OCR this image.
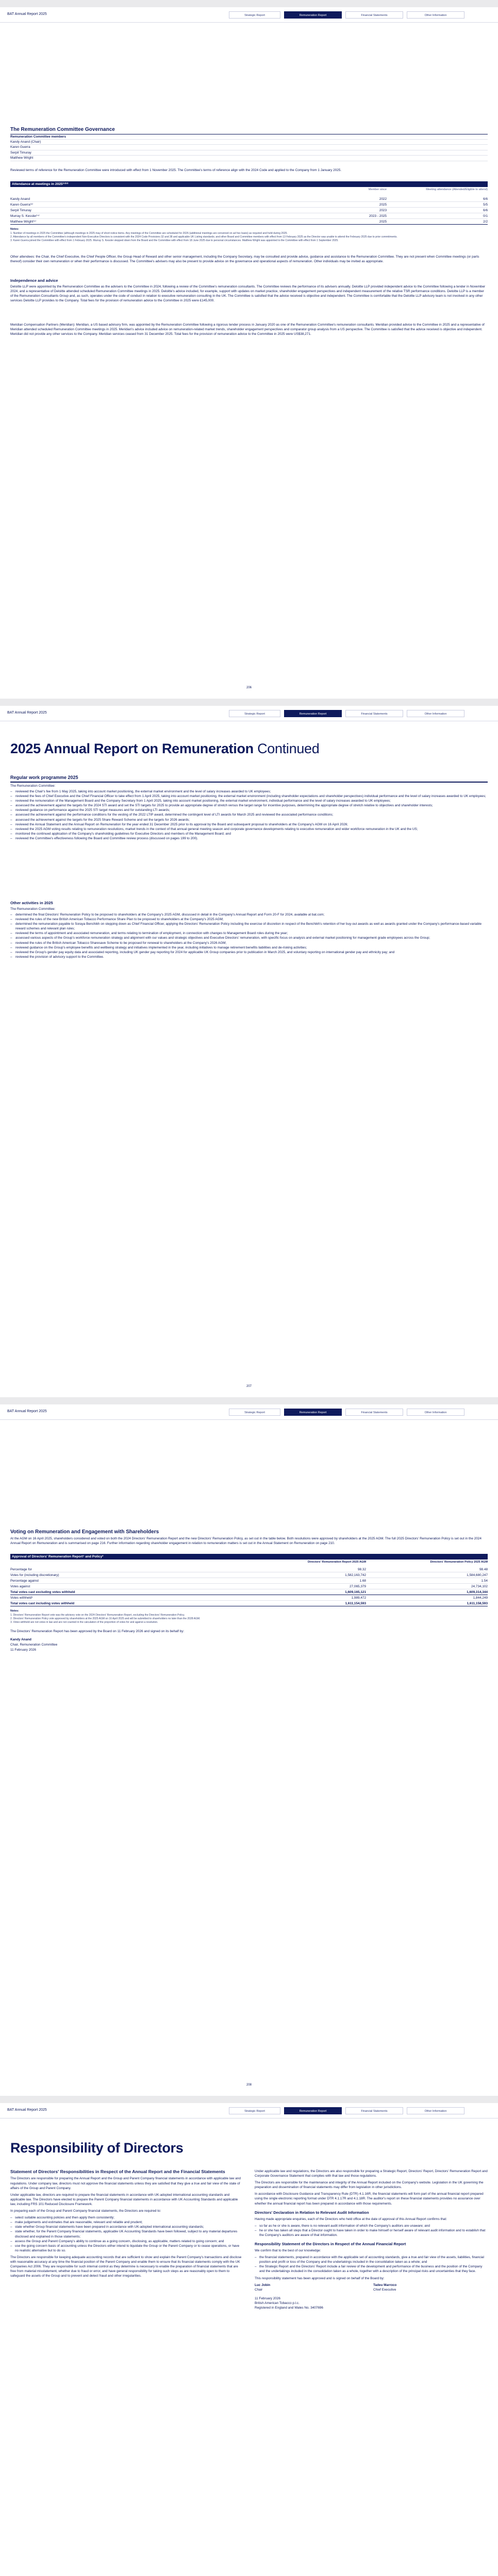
BAT Annual Report 2025	Strategic Report	Remuneration Report	Financial Statements	Other Information
The Remuneration Committee Governance
Remuneration Committee members
Kandy Anand (Chair)
Karen Guerra
Serpil Timuray
Matthew Wright
Reviewed terms of reference for the Remuneration Committee were introduced with effect from 1 November 2025. The Committee's terms of reference align with the 2024 Code and applied to the Company from 1 January 2025.
Attendance at meetings in 2025⁽¹⁾⁽²⁾
Member since	Meeting attendance (Attended/Eligible to attend)
Kandy Anand	2022	6/6
Karen Guerra⁽³⁾	2025	5/5
Serpil Timuray	2023	6/6
Murray S. Kessler⁽⁴⁾	2023 - 2025	0/1
Matthew Wright⁽⁵⁾	2025	2/2
Notes:
1. Number of meetings in 2025 the Committee (although meetings in 2025 may of short notice items. Any meetings of the Committee are scheduled for 2026 (additional meetings are convened on ad hoc basis) as required and held during 2025.
2. Attendance by all members of the Committee's independent Non-Executive Directors is consistent with the 2024 Code Provisions 32 and 38 and applicable UK Listing standards; and other Board and Committee members with effect from 13 February 2025 as the Director was unable to attend the February 2025 due to prior commitments.
3. Karen Guerra joined the Committee with effect from 1 February 2025. Murray S. Kessler stepped down from the Board and the Committee with effect from 18 June 2025 due to personal circumstances. Matthew Wright was appointed to the Committee with effect from 1 September 2025.
Other attendees: the Chair, the Chief Executive, the Chief People Officer, the Group Head of Reward and other senior management, including the Company Secretary, may be consulted and provide advice, guidance and assistance to the Remuneration Committee. They are not present when Committee meetings (or parts thereof) consider their own remuneration or when their performance is discussed. The Committee's advisers may also be present to provide advice on the governance and operational aspects of remuneration. Other individuals may be invited as appropriate.
Independence and advice
Deloitte LLP were appointed by the Remuneration Committee as the advisers to the Committee in 2024, following a review of the Committee's remuneration consultants. The Committee reviews the performance of its advisers annually. Deloitte LLP provided independent advice to the Committee following a tender in November 2024, and a representative of Deloitte attended scheduled Remuneration Committee meetings in 2025. Deloitte's advice included, for example, support with updates on market practice, shareholder engagement perspectives and independent measurement of the relative TSR performance conditions. Deloitte LLP is a member of the Remuneration Consultants Group and, as such, operates under the code of conduct in relation to executive remuneration consulting in the UK. The Committee is satisfied that the advice received is objective and independent. The Committee is comfortable that the Deloitte LLP advisory team is not involved in any other services Deloitte LLP provides to the Company. Total fees for the provision of remuneration advice to the Committee in 2025 were £145,000.
Meridian Compensation Partners (Meridian): Meridian, a US based advisory firm, was appointed by the Remuneration Committee following a rigorous tender process in January 2020 as one of the Remuneration Committee's remuneration consultants. Meridian provided advice to the Committee in 2025 and a representative of Meridian attended scheduled Remuneration Committee meetings in 2025. Meridian's advice included advice on remuneration-related market trends, shareholder engagement perspectives and comparator group analysis from a US perspective. The Committee is satisfied that the advice received is objective and independent. Meridian did not provide any other services to the Company. Meridian services ceased from 31 December 2025. Total fees for the provision of remuneration advice to the Committee in 2025 were US$38,271.
206
BAT Annual Report 2025	Strategic Report	Remuneration Report	Financial Statements	Other Information
2025 Annual Report on Remuneration Continued
Regular work programme 2025
The Remuneration Committee:
– reviewed the Chair's fee from 1 May 2025, taking into account market positioning, the external market environment and the level of salary increases awarded to UK employees;
– reviewed the fees of Chief Executive and the Chief Financial Officer to take effect from 1 April 2025, taking into account market positioning, the external market environment (including shareholder expectations and shareholder perspectives) individual performance and the level of salary increases awarded to UK employees;
– reviewed the remuneration of the Management Board and the Company Secretary from 1 April 2025, taking into account market positioning, the external market environment, individual performance and the level of salary increases awarded to UK employees;
– assessed the achievement against the targets for the 2024 STI award and set the STI targets for 2025 to provide an appropriate degree of stretch versus the target range for incentive purposes, determining the appropriate degree of stretch relative to objectives and shareholder interests;
– reviewed guidance on performance against the 2025 STI target measures and for outstanding LTI awards;
– assessed the achievement against the performance conditions for the vesting of the 2022 LTIP award, determined the contingent level of LTI awards for March 2025 and reviewed the associated performance conditions;
– assessed the achievement against the targets for the 2025 Share Reward Scheme and set the targets for 2026 awards;
– reviewed the Annual Statement and the Annual Report on Remuneration for the year ended 31 December 2025 prior to its approval by the Board and subsequent proposal to shareholders at the Company's AGM on 16 April 2026;
– reviewed the 2025 AGM voting results relating to remuneration resolutions, market trends in the context of that annual general meeting season and corporate governance developments relating to executive remuneration and wider workforce remuneration in the UK and the US;
– monitored the continued application of the Company's shareholding guidelines for Executive Directors and members of the Management Board; and
– reviewed the Committee's effectiveness following the Board and Committee review process (discussed on pages 199 to 200).
Other activities in 2025
The Remuneration Committee:
– determined the final Directors' Remuneration Policy to be proposed to shareholders at the Company's 2025 AGM, discussed in detail in the Company's Annual Report and Form 20-F for 2024, available at bat.com;
– reviewed the rules of the new British American Tobacco Performance Share Plan to be proposed to shareholders at the Company's 2025 AGM;
– determined the remuneration payable to Soraya Benchikh on stepping down as Chief Financial Officer, applying the Directors' Remuneration Policy including the exercise of discretion in respect of the Benchikh's retention of her buy-out awards as well as awards granted under the Company's performance-based variable reward schemes and relevant plan rules;
– reviewed the terms of appointment and associated remuneration, and terms relating to termination of employment, in connection with changes to Management Board roles during the year;
– assessed various aspects of the Group's workforce remuneration strategy and alignment with our values and strategic objectives and Executive Directors' remuneration, with specific focus on analysis and external market positioning for management grade employees across the Group;
– reviewed the rules of the British American Tobacco Sharesave Scheme to be proposed for renewal to shareholders at the Company's 2026 AGM;
– reviewed guidance on the Group's employee benefits and wellbeing strategy and initiatives implemented in the year, including initiatives to manage retirement benefits liabilities and de-risking activities;
– reviewed the Group's gender pay equity data and associated reporting, including UK gender pay reporting for 2024 for applicable UK Group companies prior to publication in March 2025, and voluntary reporting on international gender pay and ethnicity pay; and
– reviewed the provision of advisory support to the Committee.
207
BAT Annual Report 2025	Strategic Report	Remuneration Report	Financial Statements	Other Information
Voting on Remuneration and Engagement with Shareholders
At the AGM on 16 April 2025, shareholders considered and voted on both the 2024 Directors' Remuneration Report and the new Directors' Remuneration Policy, as set out in the table below. Both resolutions were approved by shareholders at the 2025 AGM. The full 2025 Directors' Remuneration Policy is set out in the 2024 Annual Report on Remuneration and is summarised on page 216. Further information regarding shareholder engagement in relation to remuneration matters is set out in the Annual Statement on Remuneration on page 210.
Approval of Directors' Remuneration Report¹ and Policy²
Directors' Remuneration Report 2025 AGM	Directors' Remuneration Policy 2025 AGM
Notes:
1. Directors' Remuneration Report vote was the advisory vote on the 2024 Directors' Remuneration Report, excluding the Directors' Remuneration Policy.
2. Directors' Remuneration Policy vote approved by shareholders at the 2025 AGM on 16 April 2025 and will be submitted to shareholders no later than the 2028 AGM.
3. Votes withheld are not votes in law and are not counted in the calculation of the proportion of votes for and against a resolution.
The Directors' Remuneration Report has been approved by the Board on 11 February 2026 and signed on its behalf by:
Kandy Anand
Chair, Remuneration Committee
11 February 2026
208
Percentage for	98.32	98.48
Votes for (including discretionary)	1,582,163,742	1,584,680,247
Percentage against	1.68	1.54
Votes against	27,065,379	24,734,102
Total votes cast excluding votes withheld	1,609,165,121	1,609,314,344
Votes withheld³	1,989,472	1,844,249
Total votes cast including votes withheld	1,611,154,593	1,611,158,593
BAT Annual Report 2025	Strategic Report	Remuneration Report	Financial Statements	Other Information
Responsibility of Directors
Statement of Directors' Responsibilities in Respect of the Annual Report and the Financial Statements

The Directors are responsible for preparing the Annual Report and the Group and Parent Company financial statements in accordance with applicable law and regulations. Under company law, directors must not approve the financial statements unless they are satisfied that they give a true and fair view of the state of affairs of the Group and Parent Company.

Under applicable law, directors are required to prepare the financial statements in accordance with UK-adopted international accounting standards and applicable law. The Directors have elected to prepare the Parent Company financial statements in accordance with UK Accounting Standards and applicable law, including FRS 101 Reduced Disclosure Framework.

In preparing each of the Group and Parent Company financial statements, the Directors are required to:

– select suitable accounting policies and then apply them consistently;
– make judgements and estimates that are reasonable, relevant and reliable and prudent;
– state whether Group financial statements have been prepared in accordance with UK-adopted international accounting standards;
– state whether, for the Parent Company financial statements, applicable UK Accounting Standards have been followed, subject to any material departures disclosed and explained in those statements;
– assess the Group and Parent Company's ability to continue as a going concern, disclosing, as applicable, matters related to going concern; and
– use the going concern basis of accounting unless the Directors either intend to liquidate the Group or the Parent Company or to cease operations, or have no realistic alternative but to do so.

The Directors are responsible for keeping adequate accounting records that are sufficient to show and explain the Parent Company's transactions and disclose with reasonable accuracy at any time the financial position of the Parent Company and enable them to ensure that its financial statements comply with the UK Companies Act 2006. They are responsible for such internal control as they determine is necessary to enable the preparation of financial statements that are free from material misstatement, whether due to fraud or error, and have general responsibility for taking such steps as are reasonably open to them to safeguard the assets of the Group and to prevent and detect fraud and other irregularities.

Under applicable law and regulations, the Directors are also responsible for preparing a Strategic Report, Directors' Report, Directors' Remuneration Report and Corporate Governance Statement that complies with that law and those regulations.

The Directors are responsible for the maintenance and integrity of the Annual Report included on the Company's website. Legislation in the UK governing the preparation and dissemination of financial statements may differ from legislation in other jurisdictions.

In accordance with Disclosure Guidance and Transparency Rule (DTR) 4.1.16R, the financial statements will form part of the annual financial report prepared using the single electronic reporting format under DTR 4.1.17R and 4.1.18R. The auditor's report on these financial statements provides no assurance over whether the annual financial report has been prepared in accordance with those requirements.

Directors' Declaration in Relation to Relevant Audit Information

Having made appropriate enquiries, each of the Directors who held office at the date of approval of this Annual Report confirms that:

– so far as he or she is aware, there is no relevant audit information of which the Company's auditors are unaware; and
– he or she has taken all steps that a Director ought to have taken in order to make himself or herself aware of relevant audit information and to establish that the Company's auditors are aware of that information.
Responsibility Statement of the Directors in Respect of the Annual Financial Report

We confirm that to the best of our knowledge:

– the financial statements, prepared in accordance with the applicable set of accounting standards, give a true and fair view of the assets, liabilities, financial position and profit or loss of the Company and the undertakings included in the consolidation taken as a whole; and
– the Strategic Report and the Directors' Report include a fair review of the development and performance of the business and the position of the Company and the undertakings included in the consolidation taken as a whole, together with a description of the principal risks and uncertainties that they face.

This responsibility statement has been approved and is signed on behalf of the Board by:

Luc Jobin
Chair
Tadeu Marroco
Chief Executive
11 February 2026
British American Tobacco p.l.c.
Registered in England and Wales No. 3407696
